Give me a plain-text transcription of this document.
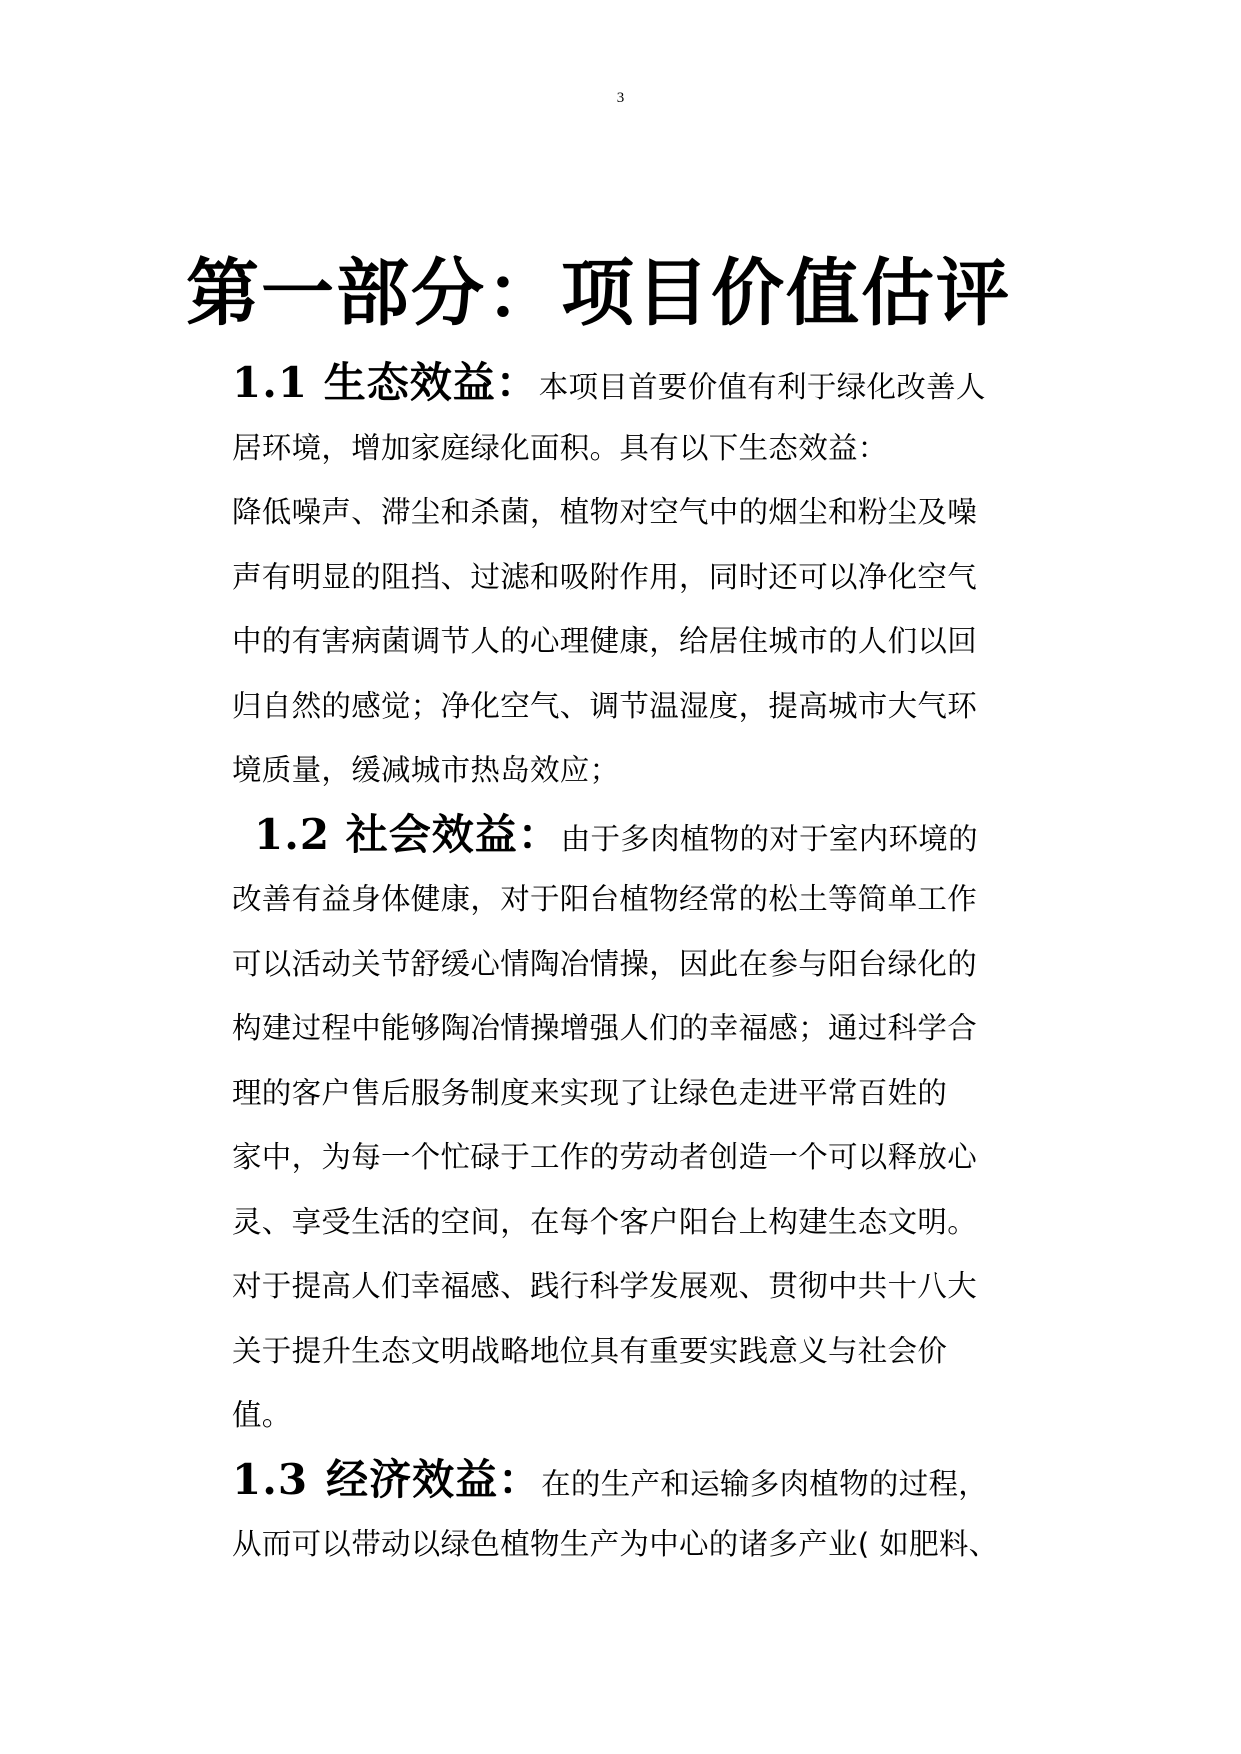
3
第一部分：项目价值估评
1.1 生态效益：本项目首要价值有利于绿化改善人
居环境，增加家庭绿化面积。具有以下生态效益：
降低噪声、滞尘和杀菌，植物对空气中的烟尘和粉尘及噪
声有明显的阻挡、过滤和吸附作用，同时还可以净化空气
中的有害病菌调节人的心理健康，给居住城市的人们以回
归自然的感觉；净化空气、调节温湿度，提高城市大气环
境质量，缓减城市热岛效应；
1.2 社会效益：由于多肉植物的对于室内环境的
改善有益身体健康，对于阳台植物经常的松土等简单工作
可以活动关节舒缓心情陶冶情操，因此在参与阳台绿化的
构建过程中能够陶冶情操增强人们的幸福感；通过科学合
理的客户售后服务制度来实现了让绿色走进平常百姓的
家中，为每一个忙碌于工作的劳动者创造一个可以释放心
灵、享受生活的空间，在每个客户阳台上构建生态文明。
对于提高人们幸福感、践行科学发展观、贯彻中共十八大
关于提升生态文明战略地位具有重要实践意义与社会价
值。
1.3 经济效益：在的生产和运输多肉植物的过程，
从而可以带动以绿色植物生产为中心的诸多产业( 如肥料、
